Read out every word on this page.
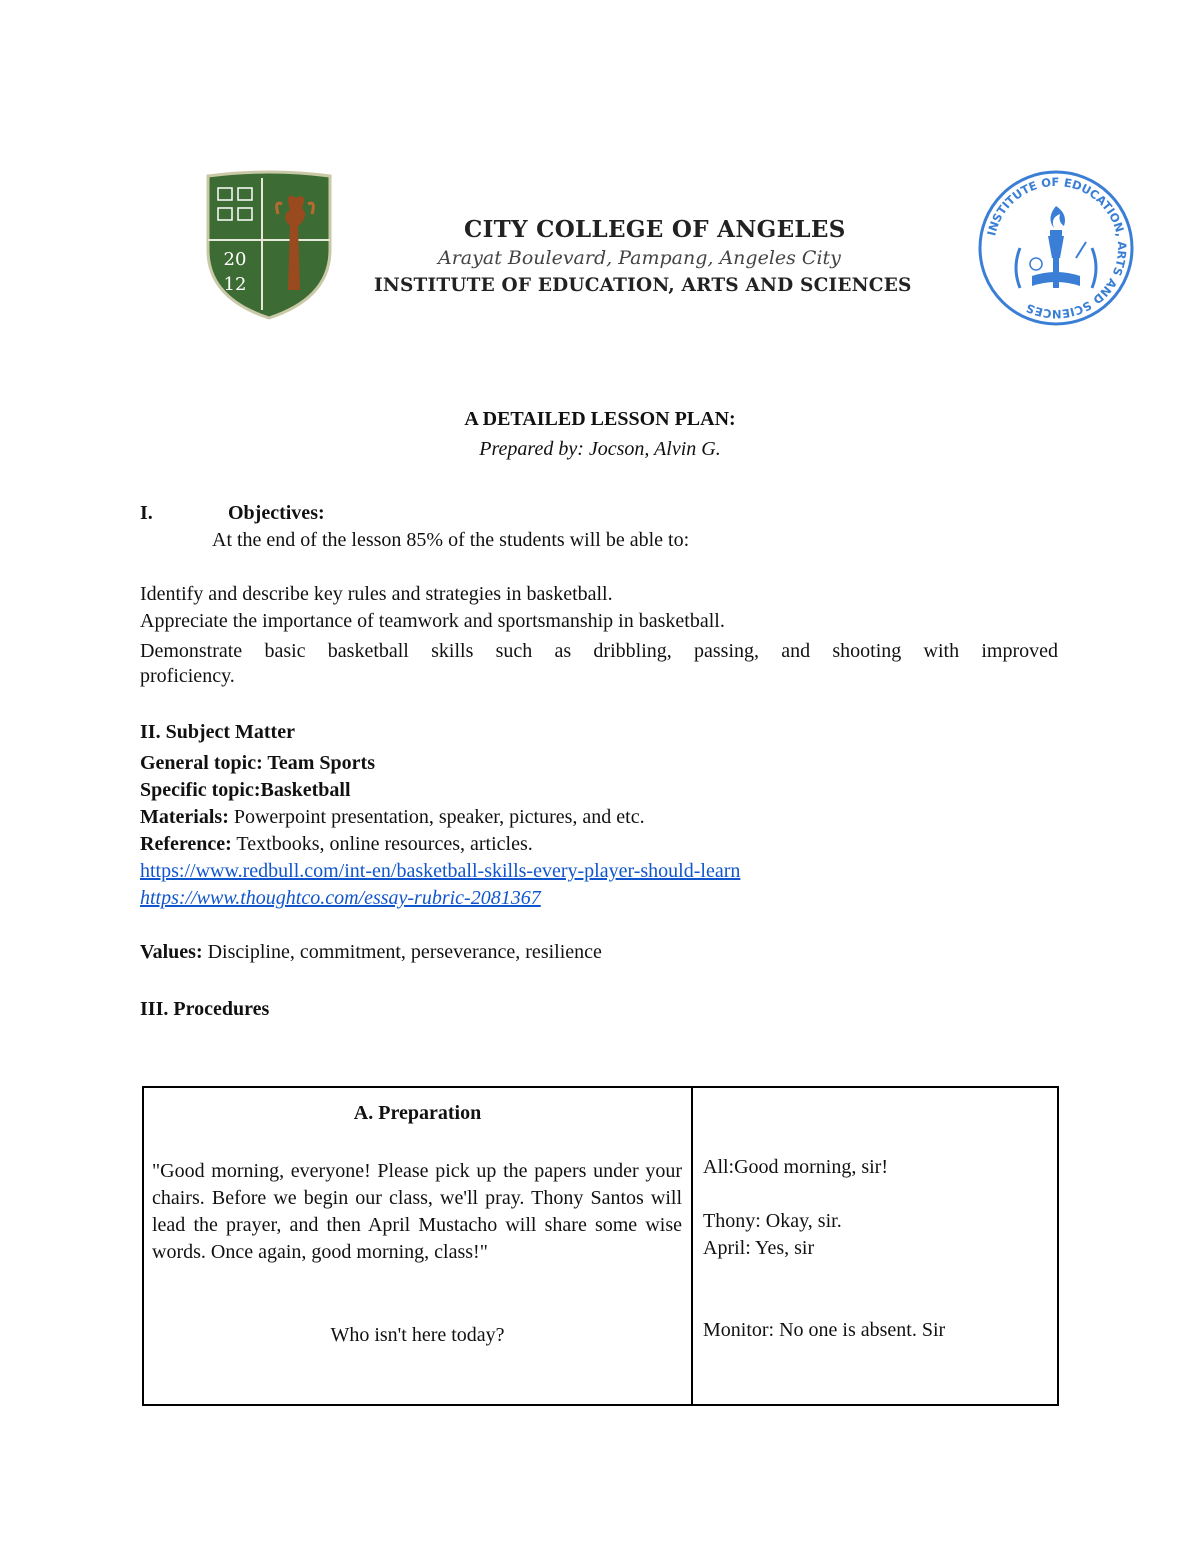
20
12
CITY COLLEGE OF ANGELES
Arayat Boulevard, Pampang, Angeles City
INSTITUTE OF EDUCATION, ARTS AND SCIENCES
INSTITUTE OF EDUCATION, ARTS AND SCIENCES
A DETAILED LESSON PLAN:
Prepared by: Jocson, Alvin G.
I.	Objectives:
At the end of the lesson 85% of the students will be able to:
Identify and describe key rules and strategies in basketball.
Appreciate the importance of teamwork and sportsmanship in basketball.
Demonstrate basic basketball skills such as dribbling, passing, and shooting with improved
proficiency.
II. Subject Matter
General topic: Team Sports
Specific topic:Basketball
Materials: Powerpoint presentation, speaker, pictures, and etc.
Reference: Textbooks, online resources, articles.
https://www.redbull.com/int-en/basketball-skills-every-player-should-learn
https://www.thoughtco.com/essay-rubric-2081367
Values: Discipline, commitment, perseverance, resilience
III. Procedures
A. Preparation
"Good morning, everyone! Please pick up the papers under your chairs. Before we begin our class, we'll pray. Thony Santos will lead the prayer, and then April Mustacho will share some wise words. Once again, good morning, class!"
Who isn't here today?
All:Good morning, sir!
Thony: Okay, sir.
April: Yes, sir
Monitor: No one is absent. Sir
